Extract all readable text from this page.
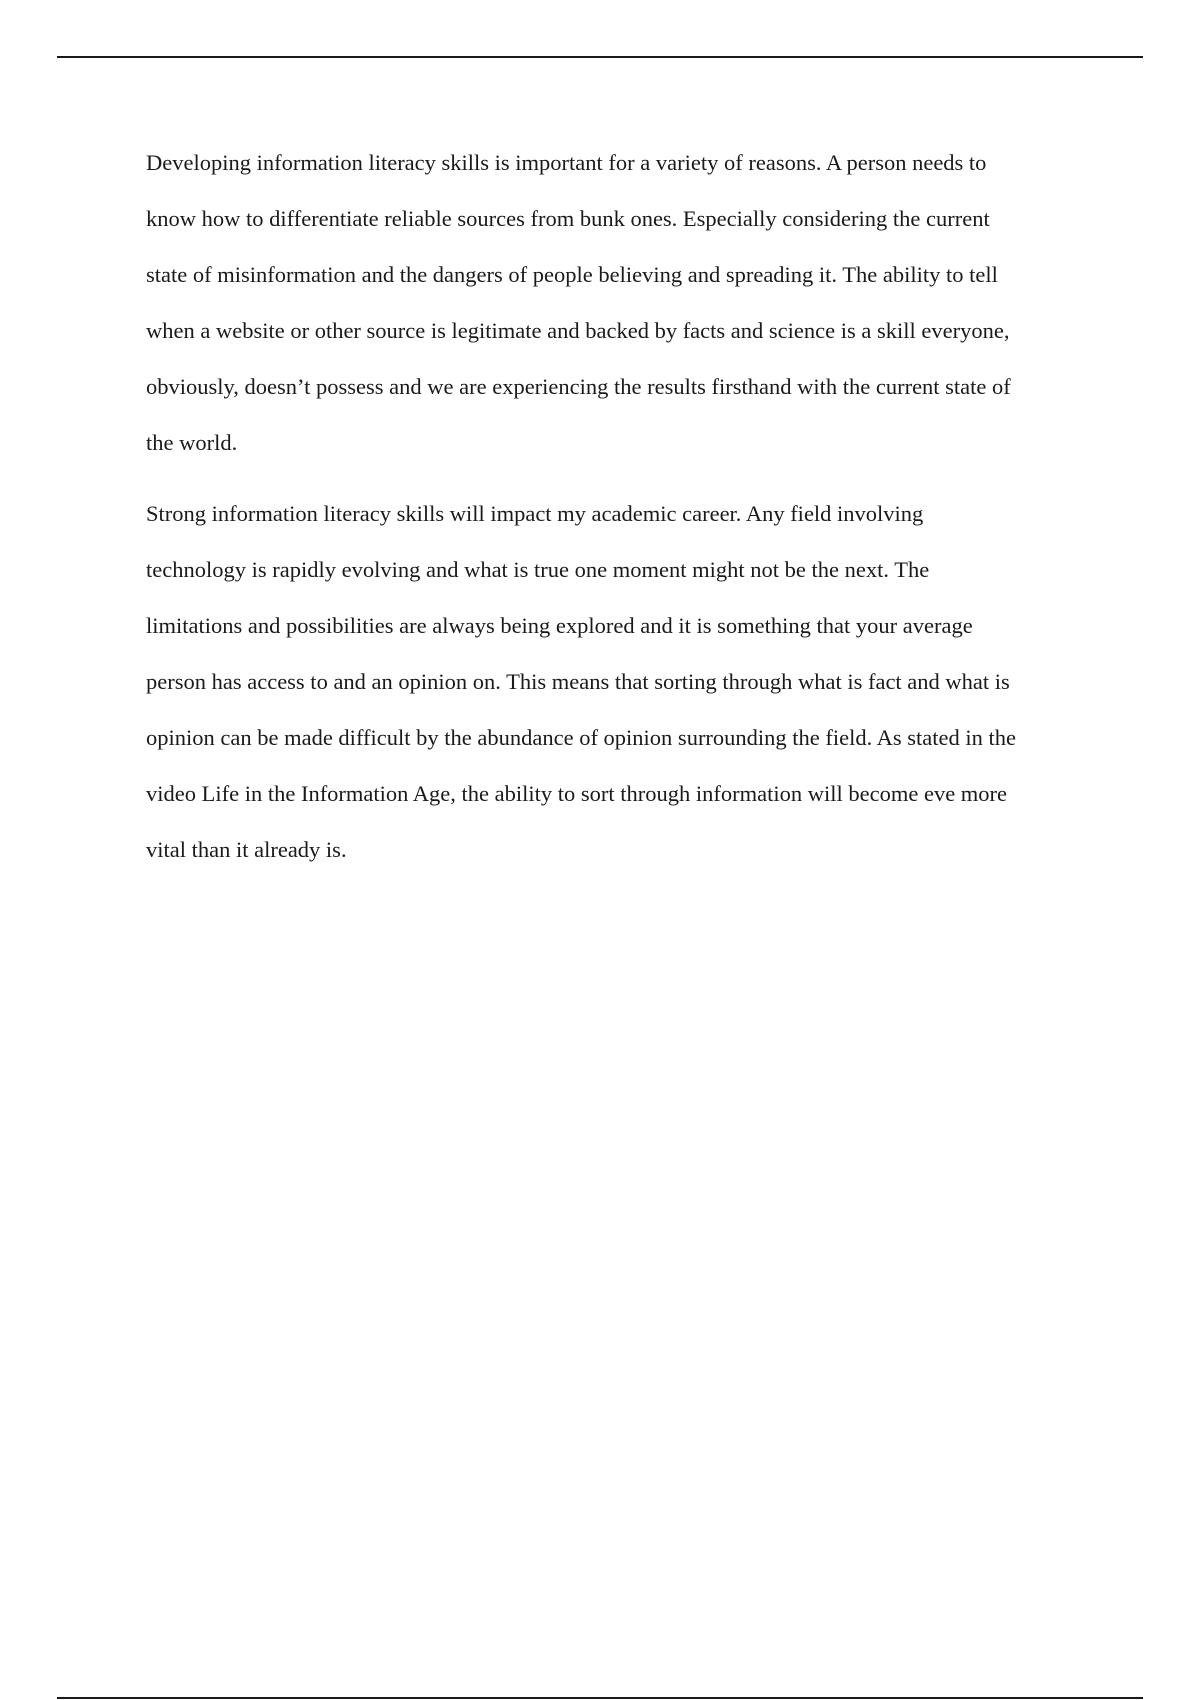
Developing information literacy skills is important for a variety of reasons. A person needs to
know how to differentiate reliable sources from bunk ones. Especially considering the current
state of misinformation and the dangers of people believing and spreading it. The ability to tell
when a website or other source is legitimate and backed by facts and science is a skill everyone,
obviously, doesn’t possess and we are experiencing the results firsthand with the current state of
the world.

Strong information literacy skills will impact my academic career. Any field involving
technology is rapidly evolving and what is true one moment might not be the next. The
limitations and possibilities are always being explored and it is something that your average
person has access to and an opinion on. This means that sorting through what is fact and what is
opinion can be made difficult by the abundance of opinion surrounding the field. As stated in the
video Life in the Information Age, the ability to sort through information will become eve more
vital than it already is.
